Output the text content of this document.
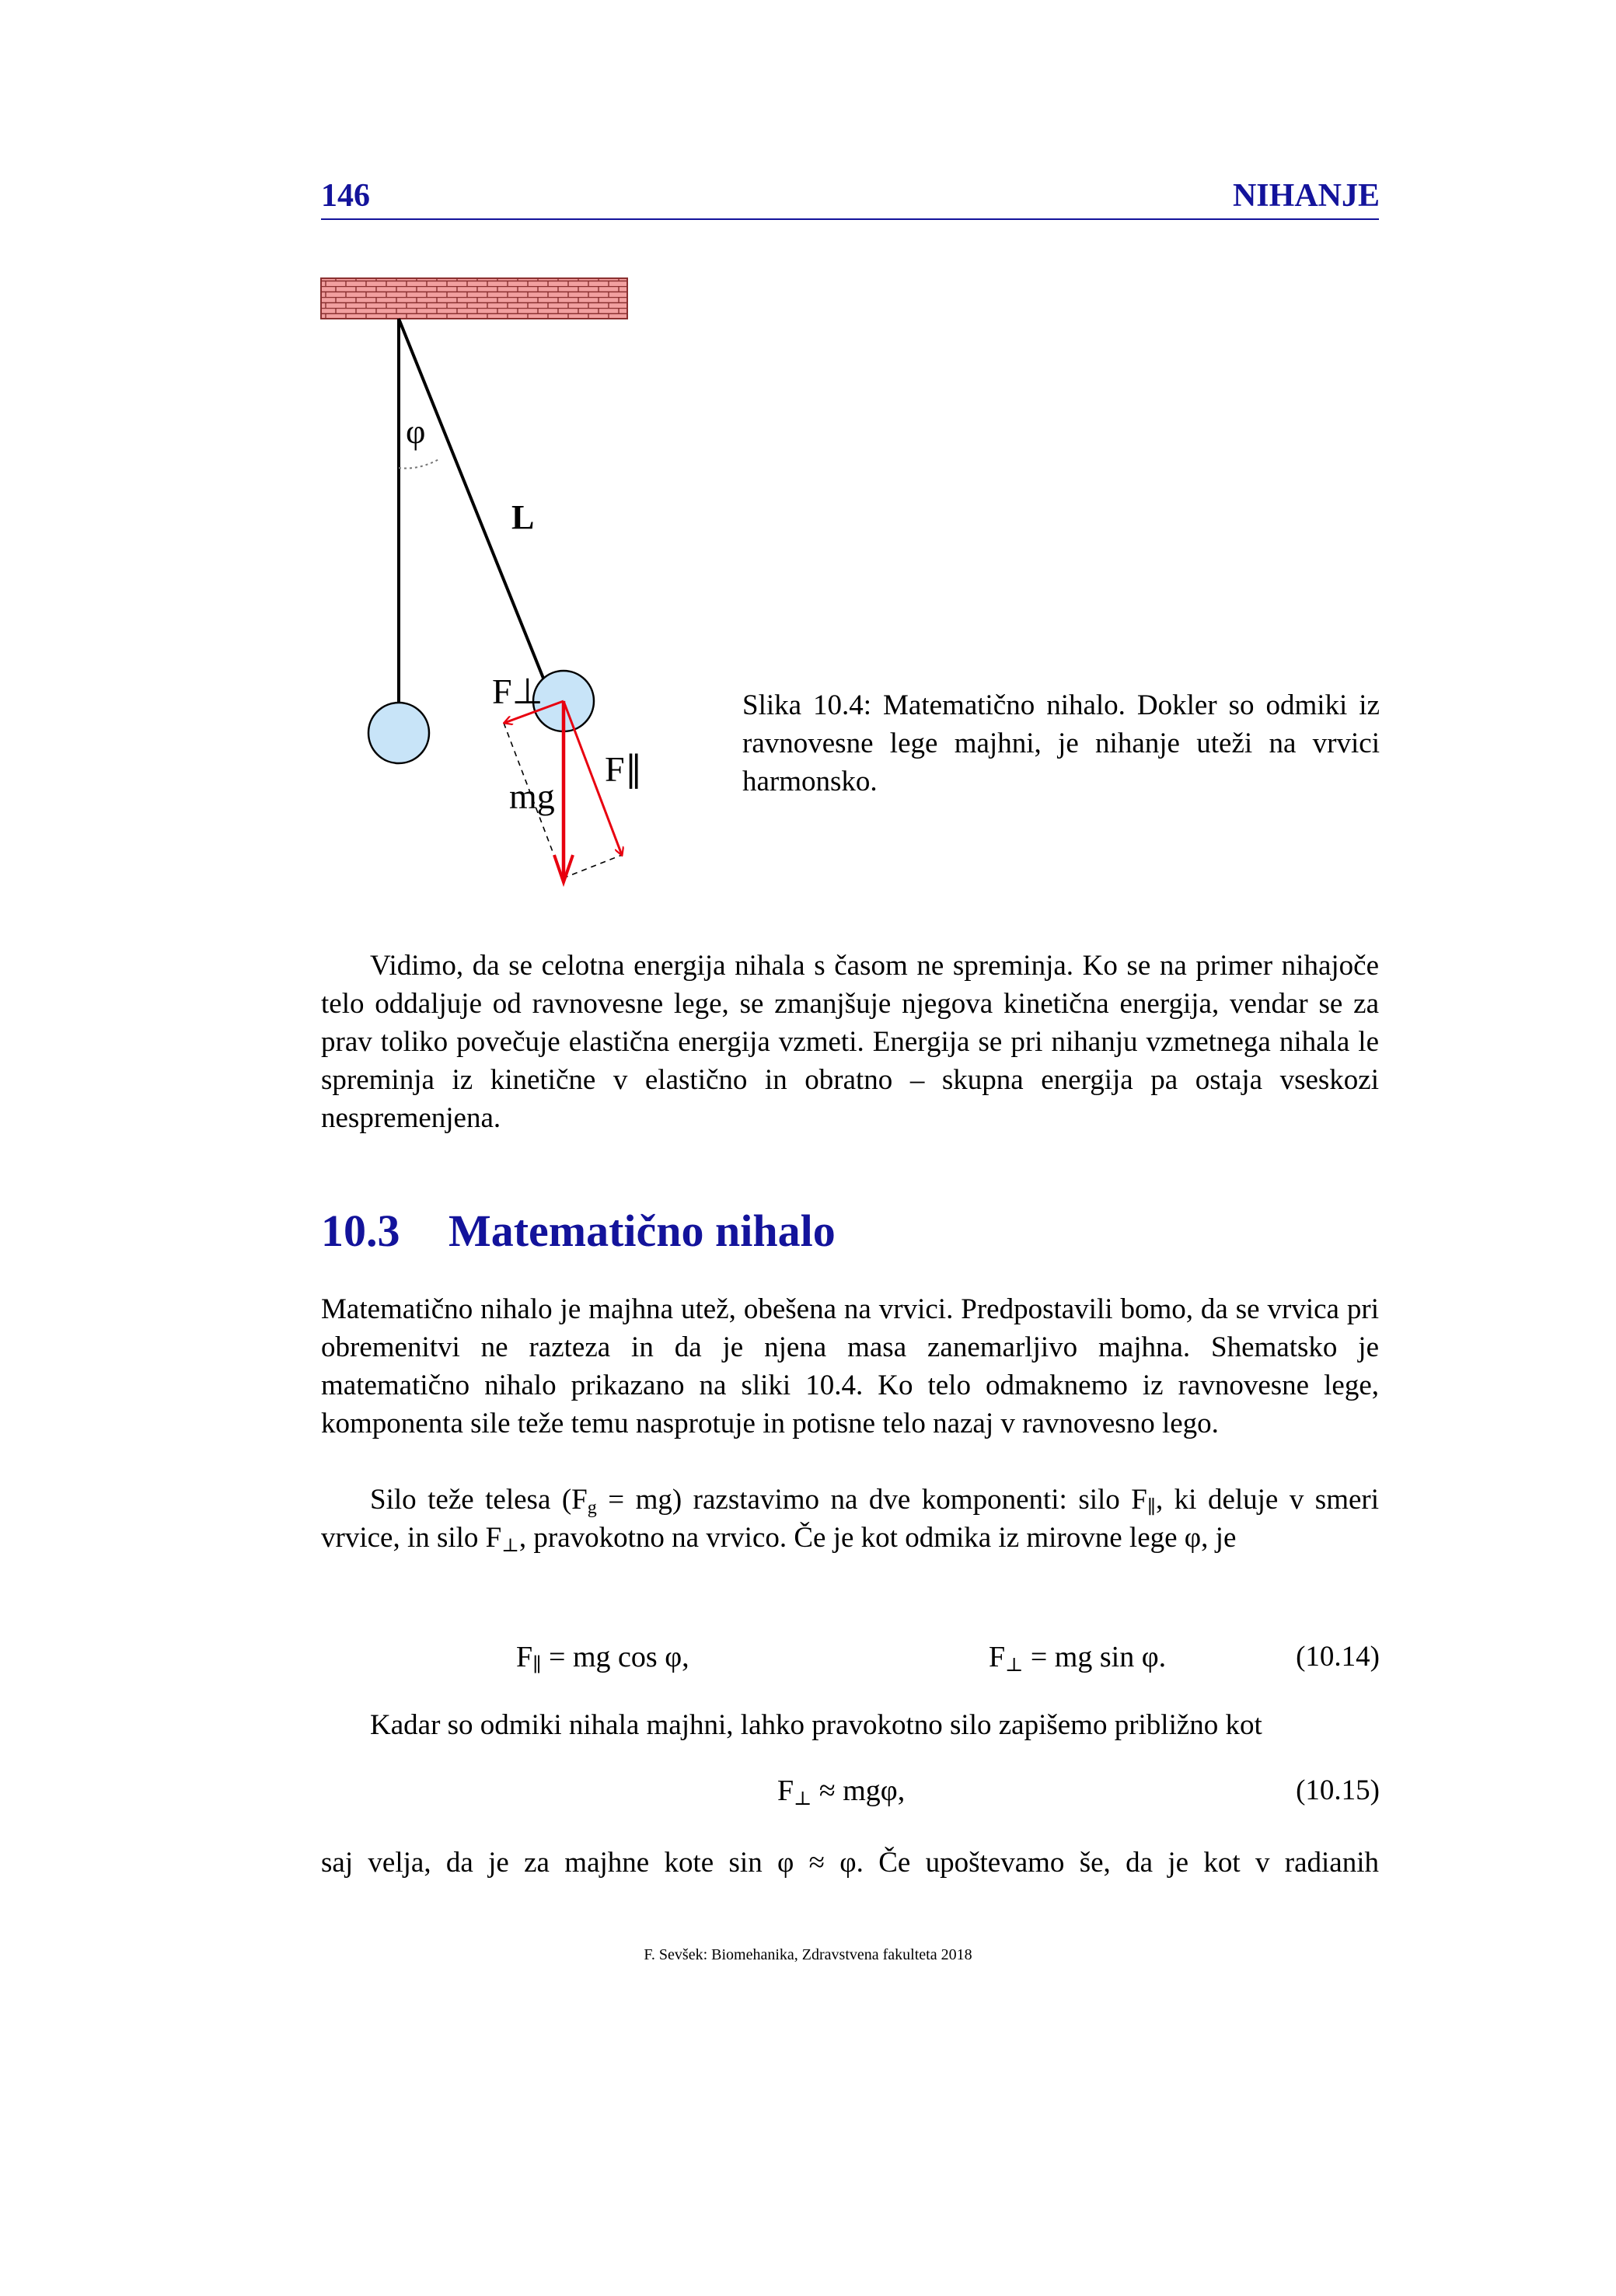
146	NIHANJE
φ
L
F⊥
F∥
mg
Slika 10.4: Matematično nihalo. Dokler so odmiki iz ravnovesne lege majhni, je nihanje uteži na vrvici harmonsko.
Vidimo, da se celotna energija nihala s časom ne spreminja. Ko se na primer nihajoče telo oddaljuje od ravnovesne lege, se zmanjšuje njegova kinetična energija, vendar se za prav toliko povečuje elastična energija vzmeti. Energija se pri nihanju vzmetnega nihala le spreminja iz kinetične v elastično in obratno – skupna energija pa ostaja vseskozi nespremenjena.
10.3 Matematično nihalo
Matematično nihalo je majhna utež, obešena na vrvici. Predpostavili bomo, da se vrvica pri obremenitvi ne razteza in da je njena masa zanemarljivo majhna. Shematsko je matematično nihalo prikazano na sliki 10.4. Ko telo odmaknemo iz ravnovesne lege, komponenta sile teže temu nasprotuje in potisne telo nazaj v ravnovesno lego.
Silo teže telesa $(F_g = mg)$ razstavimo na dve komponenti: silo $F_\parallel$, ki deluje v smeri vrvice, in silo $F_\perp$, pravokotno na vrvico. Če je kot odmika iz mirovne lege φ, je
$F_\parallel$ = mg cos φ,	$F_\perp$ = mg sin φ.	(10.14)
Kadar so odmiki nihala majhni, lahko pravokotno silo zapišemo približno kot
$F_\perp \approx mg\varphi$,	(10.15)
saj velja, da je za majhne kote sin φ ≈ φ. Če upoštevamo še, da je kot v radianih
F. Sevšek: Biomehanika, Zdravstvena fakulteta 2018
